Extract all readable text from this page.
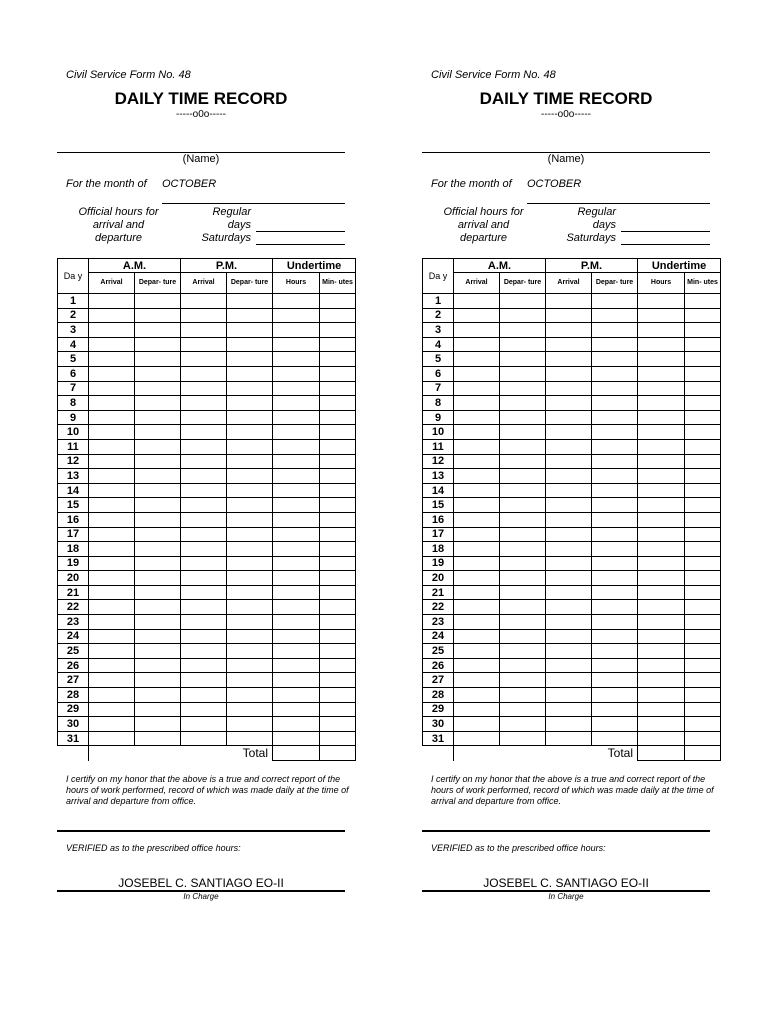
Civil Service Form No. 48
DAILY TIME RECORD
-----o0o-----
(Name)
For the month of	OCTOBER
Official hours for arrival and departure
Regular days
Saturdays
Da y	A.M.		P.M.		Undertime	
	Arrival	Depar- ture	Arrival	Depar- ture	Hours	Min- utes
1						
2						
3						
4						
5						
6						
7						
8						
9						
10						
11						
12						
13						
14						
15						
16						
17						
18						
19						
20						
21						
22						
23						
24						
25						
26						
27						
28						
29						
30						
31						
	Total					
I certify on my honor that the above is a true and correct report of the hours of work performed, record of which was made daily at the time of arrival and departure from office.
VERIFIED as to the prescribed office hours:
JOSEBEL C. SANTIAGO EO-II
In Charge
Civil Service Form No. 48
DAILY TIME RECORD
-----o0o-----
(Name)
For the month of	OCTOBER
Official hours for arrival and departure
Regular days
Saturdays
Da y	A.M.		P.M.		Undertime	
	Arrival	Depar- ture	Arrival	Depar- ture	Hours	Min- utes
1						
2						
3						
4						
5						
6						
7						
8						
9						
10						
11						
12						
13						
14						
15						
16						
17						
18						
19						
20						
21						
22						
23						
24						
25						
26						
27						
28						
29						
30						
31						
	Total					
I certify on my honor that the above is a true and correct report of the hours of work performed, record of which was made daily at the time of arrival and departure from office.
VERIFIED as to the prescribed office hours:
JOSEBEL C. SANTIAGO EO-II
In Charge
